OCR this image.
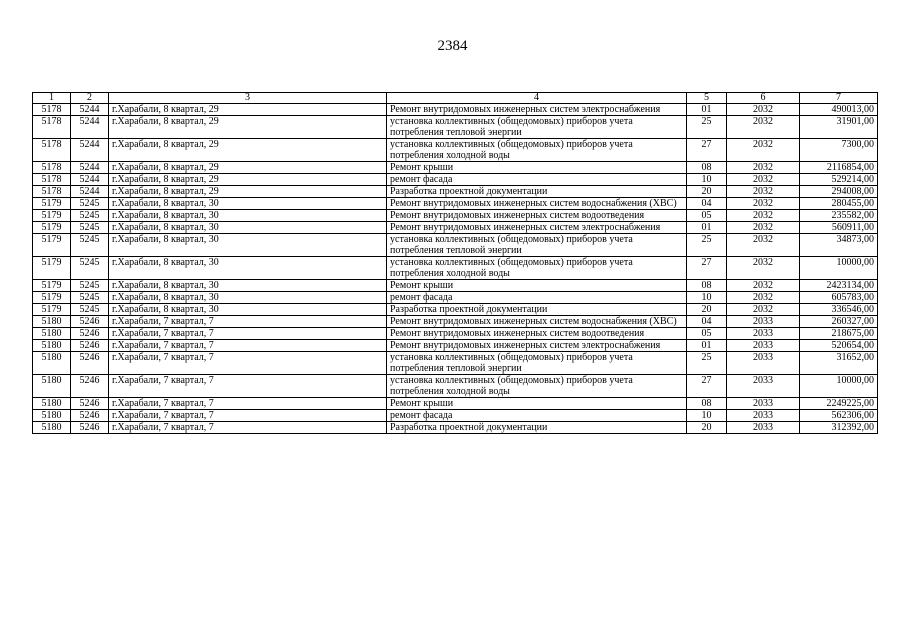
2384
1	2	3	4	5	6	7
5178	5244	г.Харабали, 8 квартал, 29	Ремонт внутридомовых инженерных систем электроснабжения	01	2032	490013,00
5178	5244	г.Харабали, 8 квартал, 29	установка коллективных (общедомовых) приборов учета потребления тепловой энергии	25	2032	31901,00
5178	5244	г.Харабали, 8 квартал, 29	установка коллективных (общедомовых) приборов учета потребления холодной воды	27	2032	7300,00
5178	5244	г.Харабали, 8 квартал, 29	Ремонт крыши	08	2032	2116854,00
5178	5244	г.Харабали, 8 квартал, 29	ремонт фасада	10	2032	529214,00
5178	5244	г.Харабали, 8 квартал, 29	Разработка проектной документации	20	2032	294008,00
5179	5245	г.Харабали, 8 квартал, 30	Ремонт внутридомовых инженерных систем водоснабжения (ХВС)	04	2032	280455,00
5179	5245	г.Харабали, 8 квартал, 30	Ремонт внутридомовых инженерных систем водоотведения	05	2032	235582,00
5179	5245	г.Харабали, 8 квартал, 30	Ремонт внутридомовых инженерных систем электроснабжения	01	2032	560911,00
5179	5245	г.Харабали, 8 квартал, 30	установка коллективных (общедомовых) приборов учета потребления тепловой энергии	25	2032	34873,00
5179	5245	г.Харабали, 8 квартал, 30	установка коллективных (общедомовых) приборов учета потребления холодной воды	27	2032	10000,00
5179	5245	г.Харабали, 8 квартал, 30	Ремонт крыши	08	2032	2423134,00
5179	5245	г.Харабали, 8 квартал, 30	ремонт фасада	10	2032	605783,00
5179	5245	г.Харабали, 8 квартал, 30	Разработка проектной документации	20	2032	336546,00
5180	5246	г.Харабали, 7 квартал, 7	Ремонт внутридомовых инженерных систем водоснабжения (ХВС)	04	2033	260327,00
5180	5246	г.Харабали, 7 квартал, 7	Ремонт внутридомовых инженерных систем водоотведения	05	2033	218675,00
5180	5246	г.Харабали, 7 квартал, 7	Ремонт внутридомовых инженерных систем электроснабжения	01	2033	520654,00
5180	5246	г.Харабали, 7 квартал, 7	установка коллективных (общедомовых) приборов учета потребления тепловой энергии	25	2033	31652,00
5180	5246	г.Харабали, 7 квартал, 7	установка коллективных (общедомовых) приборов учета потребления холодной воды	27	2033	10000,00
5180	5246	г.Харабали, 7 квартал, 7	Ремонт крыши	08	2033	2249225,00
5180	5246	г.Харабали, 7 квартал, 7	ремонт фасада	10	2033	562306,00
5180	5246	г.Харабали, 7 квартал, 7	Разработка проектной документации	20	2033	312392,00
